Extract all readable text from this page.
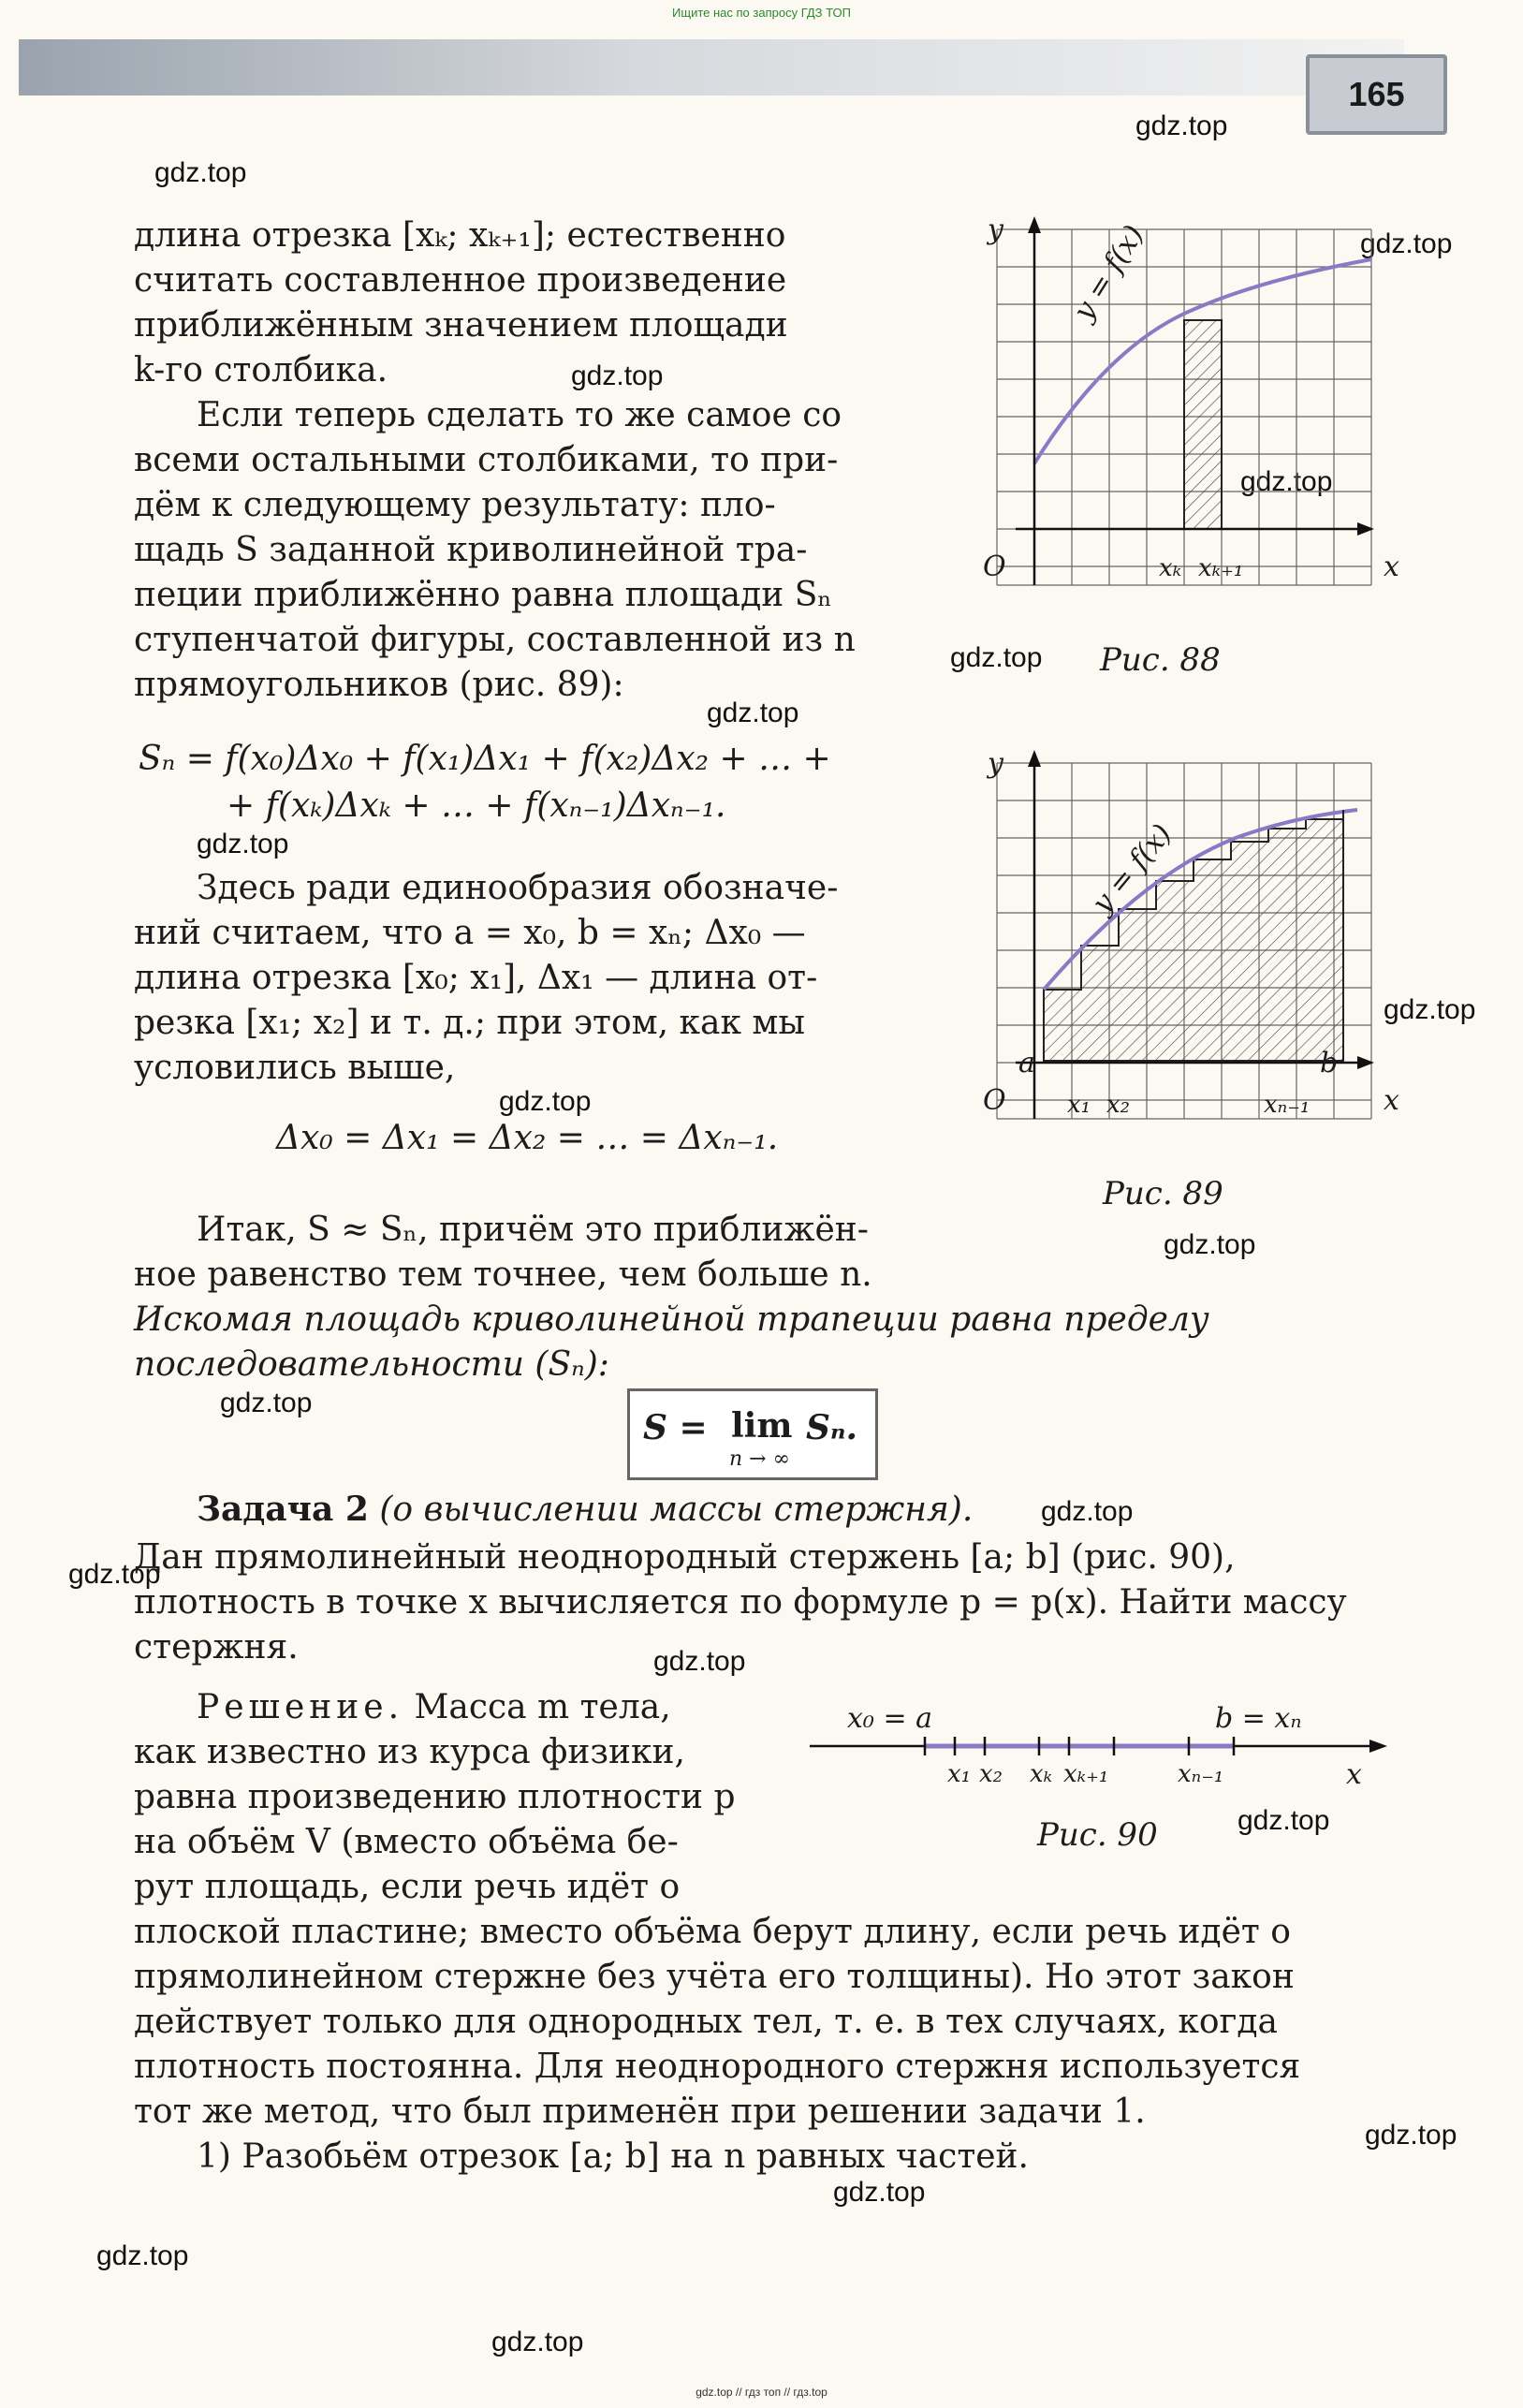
Ищите нас по запросу ГДЗ ТОП
165
gdz.top
gdz.top
gdz.top
gdz.top
gdz.top
gdz.top
gdz.top
gdz.top
gdz.top
gdz.top
gdz.top
gdz.top
gdz.top
gdz.top
gdz.top
gdz.top
gdz.top
gdz.top
gdz.top
gdz.top
длина отрезка [xₖ; xₖ₊₁]; естественно
считать составленное произведение
приближённым значением площади
k-го столбика.
Если теперь сделать то же самое со
всеми остальными столбиками, то при-
дём к следующему результату: пло-
щадь S заданной криволинейной тра-
пеции приближённо равна площади Sₙ
ступенчатой фигуры, составленной из n
прямоугольников (рис. 89):
Sₙ = f(x₀)Δx₀ + f(x₁)Δx₁ + f(x₂)Δx₂ + … +
+ f(xₖ)Δxₖ + … + f(xₙ₋₁)Δxₙ₋₁.
Здесь ради единообразия обозначе-
ний считаем, что a = x₀, b = xₙ; Δx₀ —
длина отрезка [x₀; x₁], Δx₁ — длина от-
резка [x₁; x₂] и т. д.; при этом, как мы
условились выше,
Δx₀ = Δx₁ = Δx₂ = … = Δxₙ₋₁.
Итак, S ≈ Sₙ, причём это приближён-
ное равенство тем точнее, чем больше n.
Искомая площадь криволинейной трапеции равна пределу
последовательности (Sₙ):
S = lim
n → ∞
Sₙ.
Задача 2 (о вычислении массы стержня).
Дан прямолинейный неоднородный стержень [a; b] (рис. 90),
плотность в точке x вычисляется по формуле p = p(x). Найти массу
стержня.
Решение. Масса m тела,
как известно из курса физики,
равна произведению плотности p
на объём V (вместо объёма бе-
рут площадь, если речь идёт о
плоской пластине; вместо объёма берут длину, если речь идёт о
прямолинейном стержне без учёта его толщины). Но этот закон
действует только для однородных тел, т. е. в тех случаях, когда
плотность постоянна. Для неоднородного стержня используется
тот же метод, что был применён при решении задачи 1.
1) Разобьём отрезок [a; b] на n равных частей.
y
x
O
y = f(x)
xₖ xₖ₊₁
Рис. 88
y
x
O
a	b
y = f(x)
x₁ x₂	xₙ₋₁
Рис. 89
x₀ = a	b = xₙ
x
x₁ x₂ xₖ xₖ₊₁	xₙ₋₁
Рис. 90
gdz.top // гдз топ // гдз.top
